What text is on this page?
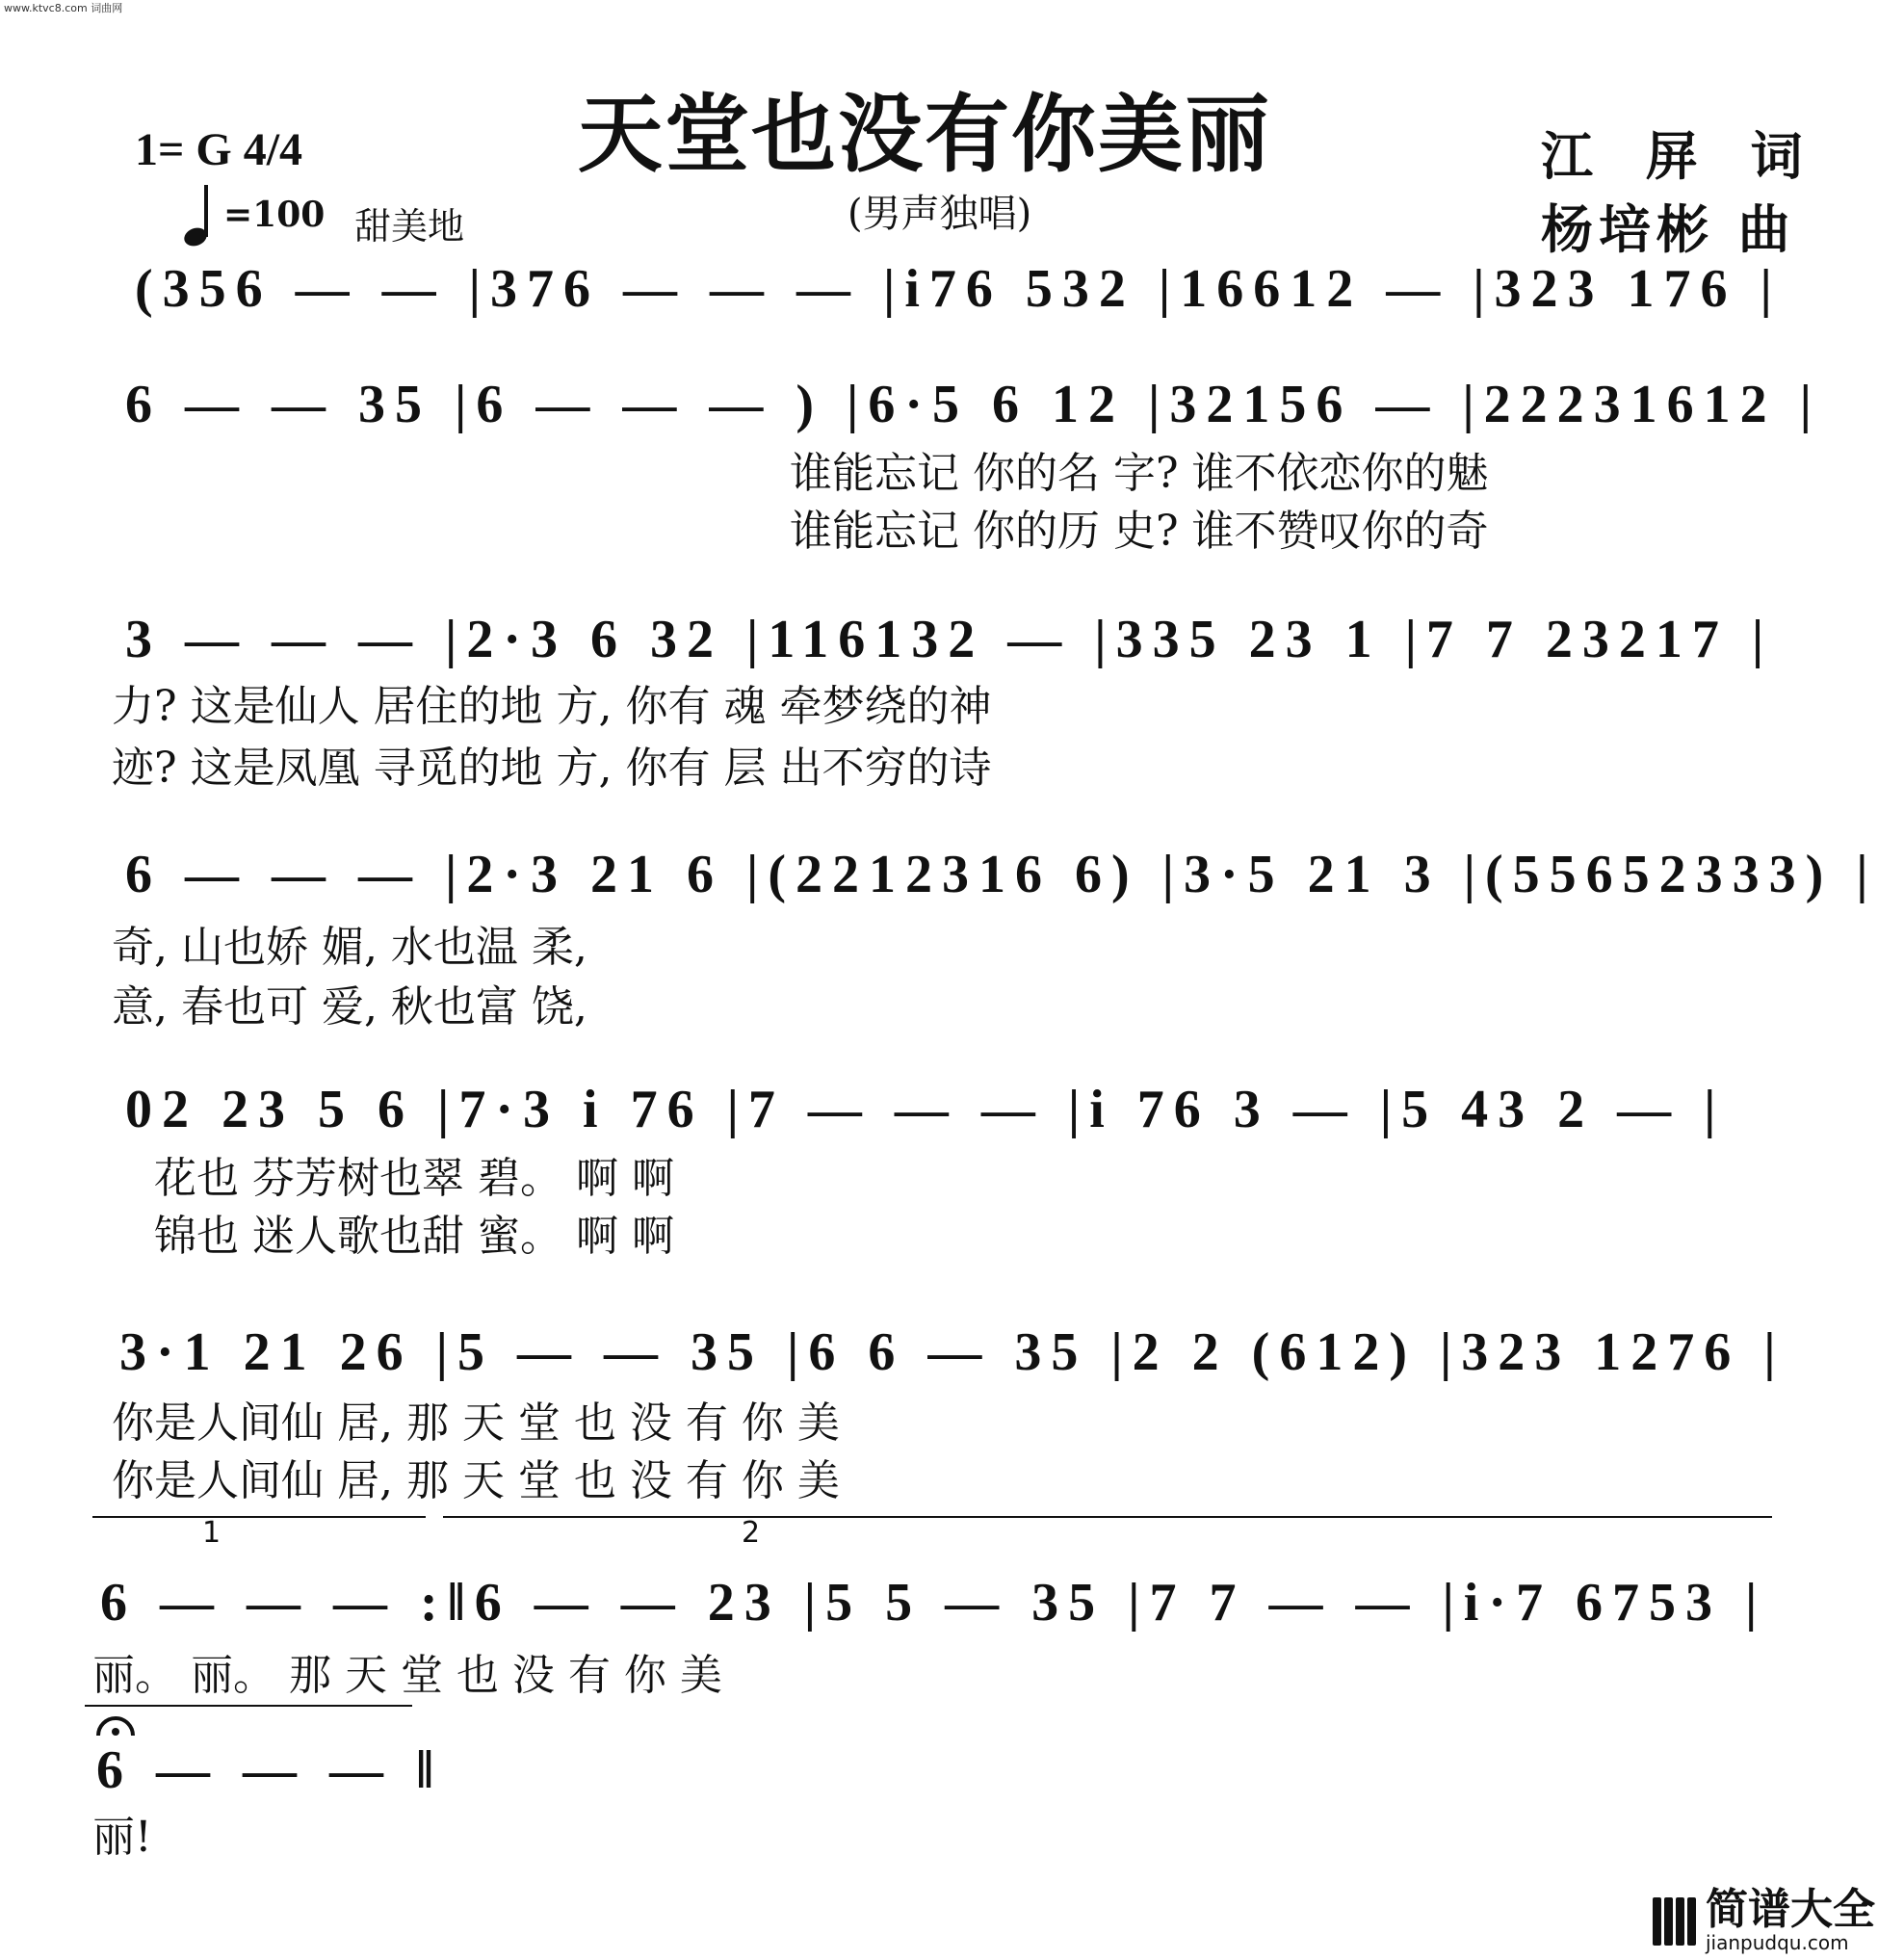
www.ktvc8.com 词曲网
天堂也没有你美丽
(男声独唱)
1= G 4/4
=100 甜美地
江 屏 词
杨培彬 曲
(356 — — |376 — — — |i76 532 |16612 — |323 176 |
6 — — 35 |6 — — — ) |6·5 6 12 |32156 — |22231612 |
谁能忘记 你的名 字? 谁不依恋你的魅
谁能忘记 你的历 史? 谁不赞叹你的奇
3 — — — |2·3 6 32 |116132 — |335 23 1 |7 7 23217 |
力? 这是仙人 居住的地 方, 你有 魂 牵梦绕的神
迹? 这是凤凰 寻觅的地 方, 你有 层 出不穷的诗
6 — — — |2·3 21 6 |(2212316 6) |3·5 21 3 |(55652333) |
奇, 山也娇 媚, 水也温 柔,
意, 春也可 爱, 秋也富 饶,
02 23 5 6 |7·3 i 76 |7 — — — |i 76 3 — |5 43 2 — |
花也 芬芳树也翠 碧。 啊 啊
锦也 迷人歌也甜 蜜。 啊 啊
3·1 21 26 |5 — — 35 |6 6 — 35 |2 2 (612) |323 1276 |
你是人间仙 居, 那 天 堂 也 没 有 你 美
你是人间仙 居, 那 天 堂 也 没 有 你 美
1	2
6 — — — :‖6 — — 23 |5 5 — 35 |7 7 — — |i·7 6753 |
丽。 丽。 那 天 堂 也 没 有 你 美
6 — — — ‖
丽!
简谱大全
jianpudqu.com
